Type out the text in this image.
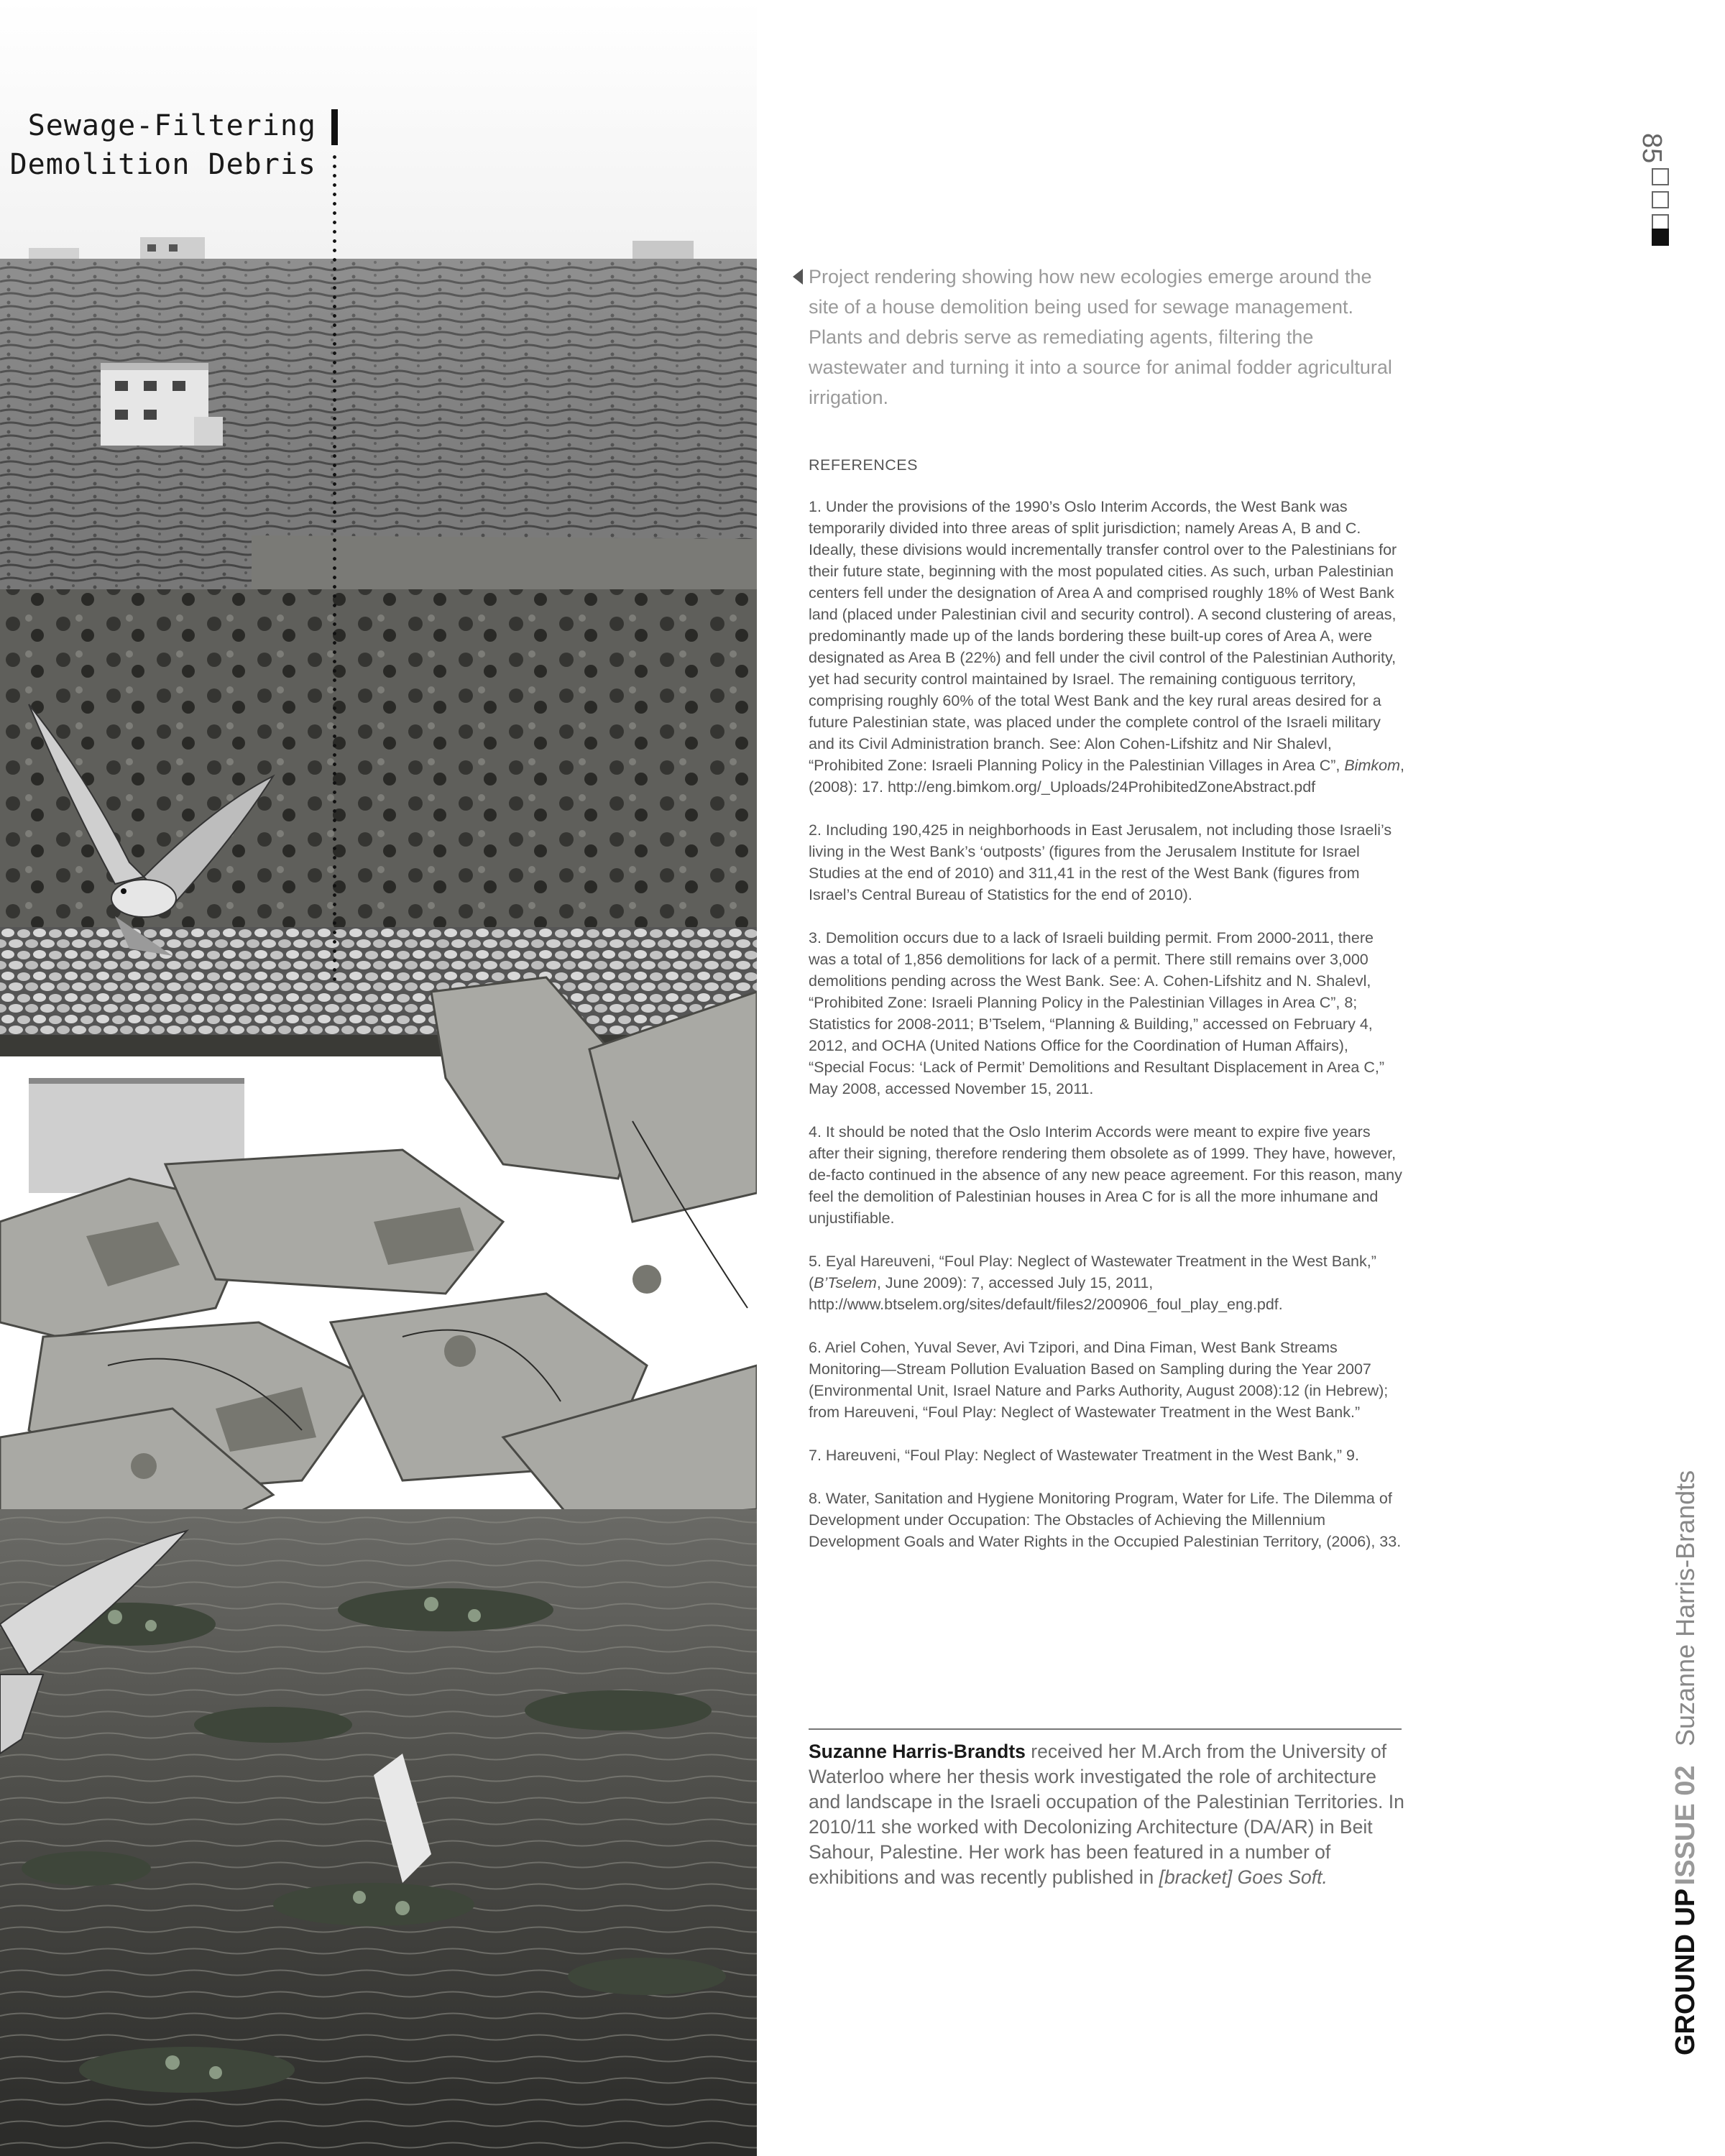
Sewage-Filtering
Demolition Debris
Project rendering showing how new ecologies emerge around the site of a house demolition being used for sewage management. Plants and debris serve as remediating agents, filtering the wastewater and turning it into a source for animal fodder agricultural irrigation.
REFERENCES

1. Under the provisions of the 1990’s Oslo Interim Accords, the West Bank was temporarily divided into three areas of split jurisdiction; namely Areas A, B and C. Ideally, these divisions would incrementally transfer control over to the Palestinians for their future state, beginning with the most populated cities. As such, urban Palestinian centers fell under the designation of Area A and comprised roughly 18% of West Bank land (placed under Palestinian civil and security control). A second clustering of areas, predominantly made up of the lands bordering these built-up cores of Area A, were designated as Area B (22%) and fell under the civil control of the Palestinian Authority, yet had security control maintained by Israel. The remaining contiguous territory, comprising roughly 60% of the total West Bank and the key rural areas desired for a future Palestinian state, was placed under the complete control of the Israeli military and its Civil Administration branch. See: Alon Cohen-Lifshitz and Nir Shalevl, “Prohibited Zone: Israeli Planning Policy in the Palestinian Villages in Area C”, Bimkom, (2008): 17. http://eng.bimkom.org/_Uploads/24ProhibitedZoneAbstract.pdf

2. Including 190,425 in neighborhoods in East Jerusalem, not including those Israeli’s living in the West Bank’s ‘outposts’ (figures from the Jerusalem Institute for Israel Studies at the end of 2010) and 311,41 in the rest of the West Bank (figures from Israel’s Central Bureau of Statistics for the end of 2010).

3. Demolition occurs due to a lack of Israeli building permit. From 2000-2011, there was a total of 1,856 demolitions for lack of a permit. There still remains over 3,000 demolitions pending across the West Bank. See: A. Cohen-Lifshitz and N. Shalevl, “Prohibited Zone: Israeli Planning Policy in the Palestinian Villages in Area C”, 8; Statistics for 2008-2011; B’Tselem, “Planning & Building,” accessed on February 4, 2012, and OCHA (United Nations Office for the Coordination of Human Affairs), “Special Focus: ‘Lack of Permit’ Demolitions and Resultant Displacement in Area C,” May 2008, accessed November 15, 2011.

4. It should be noted that the Oslo Interim Accords were meant to expire five years after their signing, therefore rendering them obsolete as of 1999. They have, however, de-facto continued in the absence of any new peace agreement. For this reason, many feel the demolition of Palestinian houses in Area C for is all the more inhumane and unjustifiable.

5. Eyal Hareuveni, “Foul Play: Neglect of Wastewater Treatment in the West Bank,” (B’Tselem, June 2009): 7, accessed July 15, 2011, http://www.btselem.org/sites/default/files2/200906_foul_play_eng.pdf.

6. Ariel Cohen, Yuval Sever, Avi Tzipori, and Dina Fiman, West Bank Streams Monitoring—Stream Pollution Evaluation Based on Sampling during the Year 2007 (Environmental Unit, Israel Nature and Parks Authority, August 2008):12 (in Hebrew); from Hareuveni, “Foul Play: Neglect of Wastewater Treatment in the West Bank.”

7. Hareuveni, “Foul Play: Neglect of Wastewater Treatment in the West Bank,” 9.

8. Water, Sanitation and Hygiene Monitoring Program, Water for Life. The Dilemma of Development under Occupation: The Obstacles of Achieving the Millennium Development Goals and Water Rights in the Occupied Palestinian Territory, (2006), 33.

Suzanne Harris-Brandts received her M.Arch from the University of Waterloo where her thesis work investigated the role of architecture and landscape in the Israeli occupation of the Palestinian Territories. In 2010/11 she worked with Decolonizing Architecture (DA/AR) in Beit Sahour, Palestine. Her work has been featured in a number of exhibitions and was recently published in [bracket] Goes Soft.
85
GROUND UP ISSUE 02 Suzanne Harris-Brandts
